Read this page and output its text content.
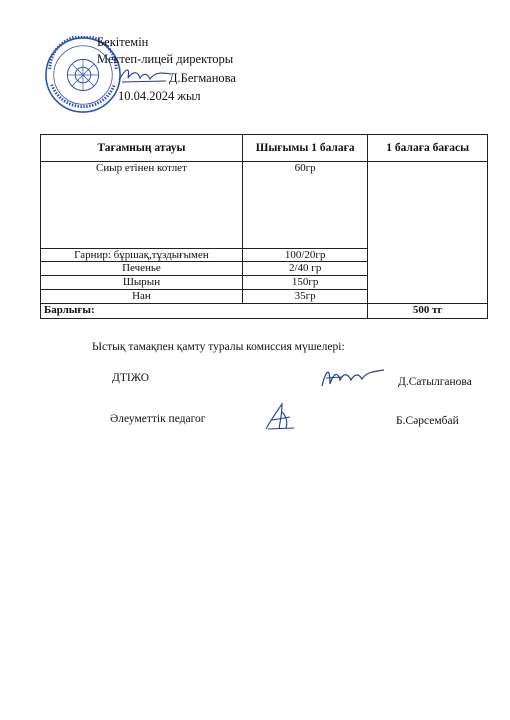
Бекітемін
Мектеп-лицей директоры
Д.Бегманова
10.04.2024 жыл
Тағамның атауы	Шығымы 1 балаға	1 балаға бағасы
Сиыр етінен котлет	60гр	
Гарнир: бұршақ,тұздығымен	100/20гр	
Печенье	2/40 гр	
Шырын	150гр	
Нан	35гр	
Барлығы:		500 тг
Ыстық тамақпен қамту туралы комиссия мүшелері:
ДТІЖО	Д.Сатылганова
Әлеуметтік педагог	Б.Сәрсембай
